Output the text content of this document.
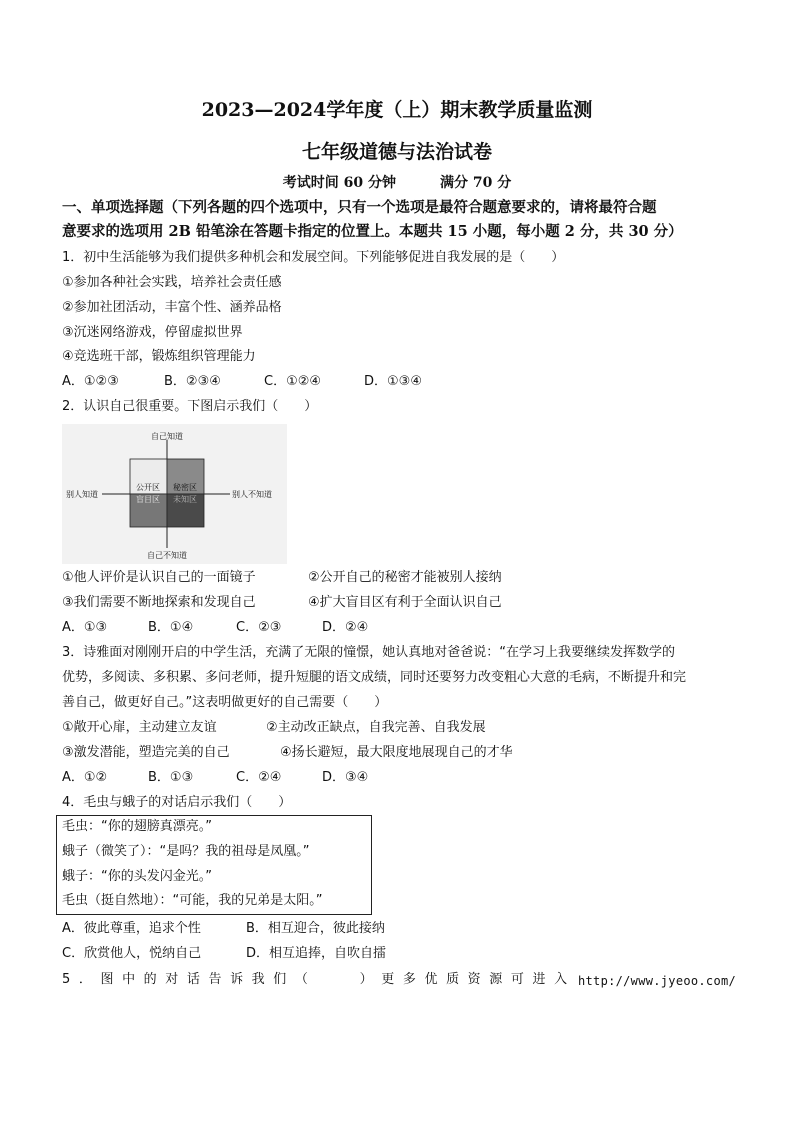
2023—2024学年度（上）期末教学质量监测
七年级道德与法治试卷
考试时间 60 分钟	满分 70 分
一、单项选择题（下列各题的四个选项中，只有一个选项是最符合题意要求的，请将最符合题
意要求的选项用 2B 铅笔涂在答题卡指定的位置上。本题共 15 小题，每小题 2 分，共 30 分）
1．初中生活能够为我们提供多种机会和发展空间。下列能够促进自我发展的是（　　）
①参加各种社会实践，培养社会责任感
②参加社团活动，丰富个性、涵养品格
③沉迷网络游戏，停留虚拟世界
④竞选班干部，锻炼组织管理能力
A．①②③	B．②③④	C．①②④	D．①③④
2．认识自己很重要。下图启示我们（　　）
自己知道
自己不知道
别人知道	别人不知道
公开区 秘密区
盲目区 未知区
①他人评价是认识自己的一面镜子	②公开自己的秘密才能被别人接纳
③我们需要不断地探索和发现自己	④扩大盲目区有利于全面认识自己
A．①③	B．①④	C．②③	D．②④
3．诗雅面对刚刚开启的中学生活，充满了无限的憧憬，她认真地对爸爸说：“在学习上我要继续发挥数学的
优势，多阅读、多积累、多问老师，提升短腿的语文成绩，同时还要努力改变粗心大意的毛病，不断提升和完
善自己，做更好自己。”这表明做更好的自己需要（　　）
①敞开心扉，主动建立友谊	②主动改正缺点，自我完善、自我发展
③激发潜能，塑造完美的自己	④扬长避短，最大限度地展现自己的才华
A．①②	B．①③	C．②④	D．③④
4．毛虫与蛾子的对话启示我们（　　）
毛虫：“你的翅膀真漂亮。”
蛾子（微笑了）：“是吗？我的祖母是凤凰。”
蛾子：“你的头发闪金光。”
毛虫（挺自然地）：“可能，我的兄弟是太阳。”
A．彼此尊重，追求个性	B．相互迎合，彼此接纳
C．欣赏他人，悦纳自己	D．相互追捧，自吹自擂
5．图中的对话告诉我们（　　）更多优质资源可进入 http://www.jyeoo.com/
